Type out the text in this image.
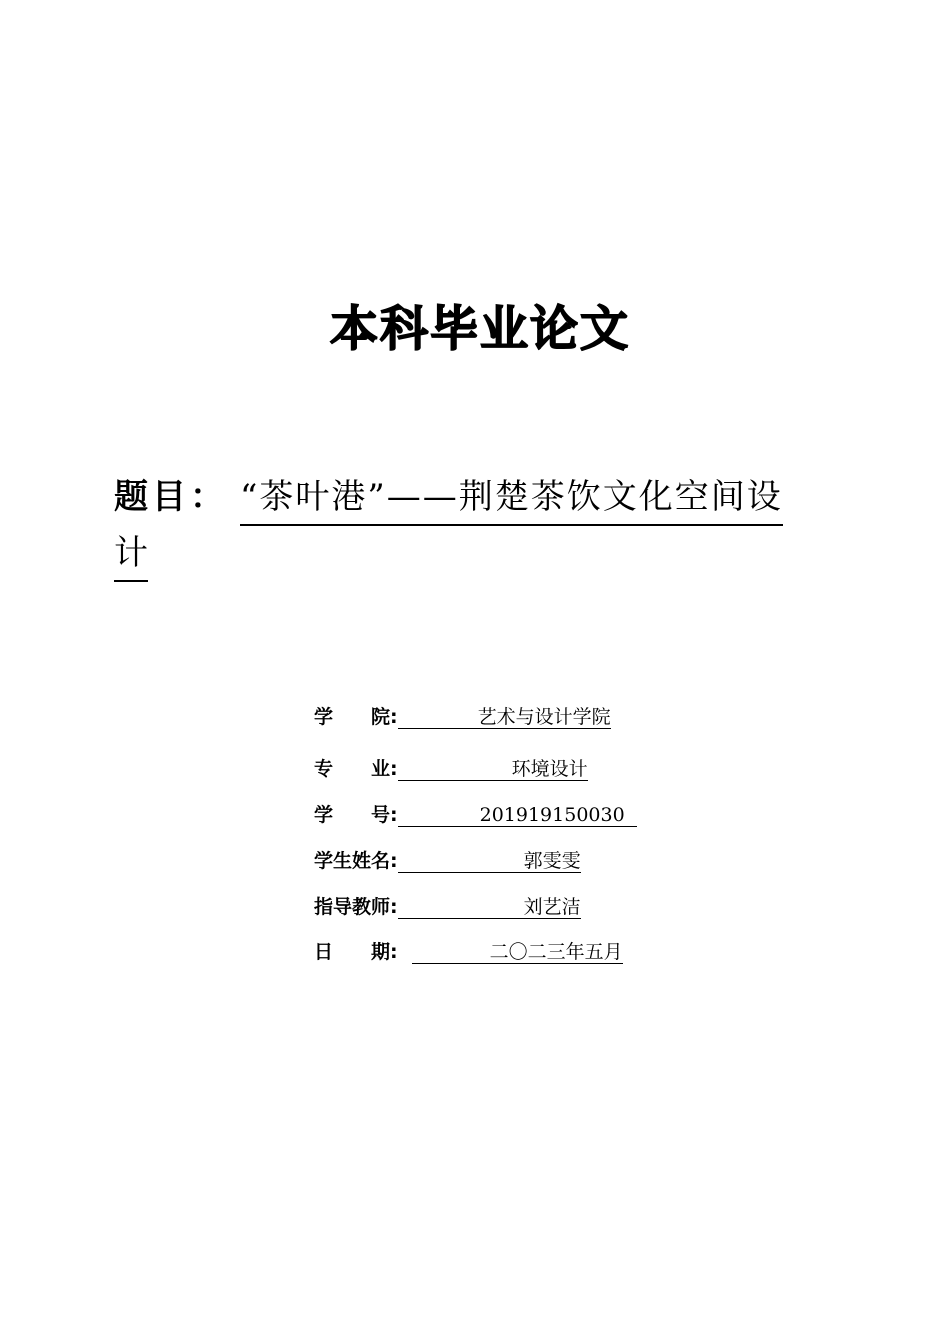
本科毕业论文
题目： “茶叶港”——荆楚茶饮文化空间设
计
学　　院:	艺术与设计学院
专　　业:	环境设计
学　　号:	201919150030
学生姓名:	郭雯雯
指导教师:	刘艺洁
日　　期:	二〇二三年五月
